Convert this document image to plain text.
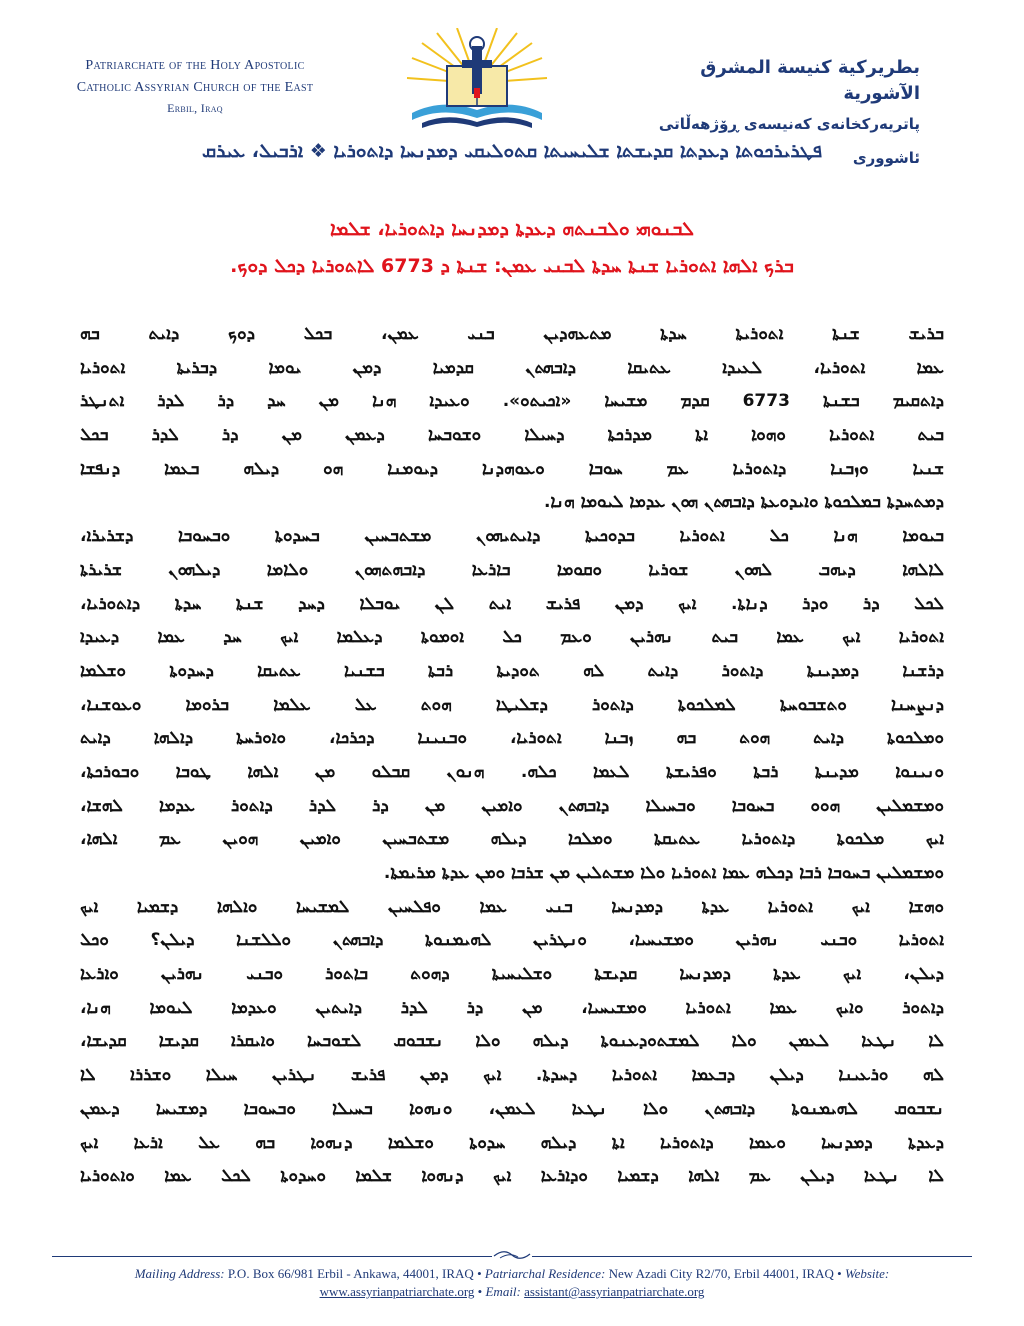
Patriarchate of the Holy Apostolic
Catholic Assyrian Church of the East
Erbil, Iraq
بطريركية كنيسة المشرق الآشورية
پاتريەرکخانەی کەنیسەی ڕۆژهەڵاتی ئاشووری
ܦܛܪܝܪܟܘܬܐ ܕܥܕܬܐ ܩܕܝܫܬܐ ܫܠܝܚܝܬܐ ܩܬܘܠܝܩܝ ܕܡܕܢܚܐ ܕܐܬܘܪܝܐ ❖ ܐܪܒܝܠ، ܥܝܪܩ
ܠܒܢܘܗܝ ܘܠܒܢܬܗ ܕܥܕܬܐ ܕܡܕܢܚܐ ܕܐܬܘܪܝܐ، ܫܠܡܐ
ܒܪܟ ܐܠܗܐ ܐܬܘܪܝܐ ܫܢܬܐ ܚܕܬܐ ܠܒܢܝ ܥܡܢ: ܫܢܬܐ ܕ 6773 ܠܐܬܘܪܝܐ ܕܟܠ ܕܘܟ.
ܒܪܝܫ ܫܢܬܐ ܐܬܘܪܝܬܐ ܚܕܬܐ ܡܬܥܗܕܝܢ ܒܢܝ ܥܡܢ، ܒܟܠ ܕܘܟ ܕܐܝܬ ܒܗ
ܥܡܐ ܐܬܘܪܝܐ، ܠܥܝܕܐ ܥܬܝܩܐ ܕܐܒܗܬܢ ܩܕܡܝܐ ܕܡܢ ܝܘܡܐ ܕܒܪܝܬܐ ܐܬܘܪܝܐ
ܕܐܬܩܝܡ ܒܫܢܬܐ 6773 ܩܕܡ ܡܫܝܚܐ «ܐܟܝܬܘ». ܘܥܝܕܐ ܗܢܐ ܡܢ ܚܕ ܕܪ ܠܕܪ ܐܬܢܛܪ
ܒܝܬ ܐܬܘܪܝܐ ܘܗܘܐ ܐܬܐ ܡܕܪܟܬܐ ܕܚܝܠܐ ܘܫܘܒܚܐ ܕܥܡܢ ܡܢ ܕܪ ܠܕܪ ܒܟܠ
ܫܢܝܐ ܘܙܒܢܐ ܕܐܬܘܪܝܐ ܥܡ ܚܘܒܐ ܘܥܘܗܕܢܐ ܕܝܘܡܢܐ ܗܘ ܕܝܠܗ ܒܥܡܐ ܕܢܦܫܐ
ܕܡܬܚܕܬܐ ܒܡܠܟܘܬܐ ܘܐܝܕܘܥܬܐ ܕܐܒܗܬܢ ܗܘܢ ܥܕܡܐ ܠܝܘܡܐ ܗܢܐ.
ܒܝܘܡܐ ܗܢܐ ܟܠ ܐܬܘܪܝܐ ܒܕܘܟܝܬܐ ܕܐܝܬܝܗܘܢ ܡܫܬܒܚܝܢ ܒܚܕܘܬܐ ܘܒܚܘܒܐ ܕܫܪܝܪܐ،
ܠܐܠܗܐ ܕܝܗܒ ܠܗܘܢ ܫܘܪܝܐ ܘܩܘܡܐ ܒܐܪܥܐ ܕܐܒܗܬܗܘܢ ܘܠܐܡܐ ܕܝܠܗܘܢ ܫܪܝܪܬܐ
ܠܟܠ ܕܪ ܘܕܪ ܕܢܐܬܐ. ܐܝܟ ܕܡܢ ܦܪܝܫ ܐܝܬ ܠܢ ܝܘܒܠܐ ܕܚܕ ܫܢܬܐ ܚܕܬܐ ܕܐܬܘܪܝܐ،
ܐܬܘܪܝܐ ܐܝܟ ܥܡܐ ܒܝܬ ܢܗܪܝܢ ܘܥܡ ܟܠ ܐܘܡܘܬܐ ܕܥܠܡܐ ܐܝܟ ܚܕ ܥܡܐ ܕܥܝܕܐ
ܕܪܫܢܐ ܕܡܕܝܢܬܐ ܕܐܬܘܪ ܕܐܝܬ ܠܗ ܬܘܕܝܬܐ ܪܒܬܐ ܒܫܢܝܐ ܥܬܝܩܐ ܕܚܕܘܬܐ ܘܫܠܡܐ
ܕܢܨܚܢܐ ܘܬܫܒܘܚܬܐ ܠܡܠܟܘܬܐ ܕܐܬܘܪ ܕܫܠܝܛܐ ܗܘܬ ܥܠ ܥܠܡܐ ܒܪܘܡܐ ܘܥܘܫܢܐ،
ܘܡܠܟܘܬܐ ܕܐܝܬ ܗܘܬ ܒܗ ܙܒܢܐ ܐܬܘܪܝܐ، ܘܒܢܝܢܐ ܕܟܪܟܐ، ܘܐܘܪܚܬܐ ܕܐܠܗܐ ܕܐܝܬ
ܘܢܝܢܘܐ ܡܕܝܢܬܐ ܪܒܬܐ ܘܦܪܝܫܬܐ ܠܥܡܐ ܟܠܗ. ܗܢܘܢ ܩܒܠܘ ܡܢ ܐܠܗܐ ܛܘܒܐ ܘܒܘܪܟܬܐ،
ܘܡܫܡܠܝܢ ܗܘܘ ܒܚܘܒܐ ܘܒܚܝܠܐ ܕܐܒܗܬܢ ܘܐܡܝܢ ܡܢ ܕܪ ܠܕܪ ܕܐܬܘܪ ܥܕܡܐ ܠܗܫܐ،
ܐܝܟ ܡܠܟܘܬܐ ܕܐܬܘܪܝܐ ܥܬܝܩܬܐ ܘܡܠܟܐ ܕܝܠܗ ܡܫܬܒܚܝܢ ܘܐܡܝܢ ܗܘܝܢ ܥܡ ܐܠܗܐ،
ܘܡܫܡܠܝܢ ܒܚܘܒܐ ܪܒܐ ܕܟܠܗ ܥܡܐ ܐܬܘܪܝܐ ܘܠܐ ܡܫܬܠܝܢ ܡܢ ܫܪܒܐ ܘܡܢ ܥܕܬܐ ܡܪܝܡܬܐ.
ܘܗܫܐ ܐܝܟ ܐܬܘܪܝܐ ܥܕܬܐ ܕܡܕܢܚܐ ܒܢܝ ܥܡܐ ܘܦܠܚܝܢ ܠܡܫܝܚܐ ܘܐܠܗܐ ܕܫܡܝܐ ܐܝܟ
ܐܬܘܪܝܐ ܘܒܢܝ ܢܗܪܝܢ ܘܡܫܝܚܝܐ، ܘܢܛܪܝܢ ܠܗܝܡܢܘܬܐ ܕܐܒܗܬܢ ܘܠܠܫܢܐ ܕܝܠܢ؟ ܘܟܠ
ܕܝܠܢ، ܐܝܟ ܥܕܬܐ ܕܡܕܢܚܐ ܩܕܝܫܬܐ ܘܫܠܝܚܝܬܐ ܕܗܘܬ ܒܐܬܘܪ ܘܒܢܝ ܢܗܪܝܢ ܘܐܪܥܐ
ܕܐܬܘܪ ܘܐܝܟ ܥܡܐ ܐܬܘܪܝܐ ܘܡܫܝܚܝܐ، ܡܢ ܕܪ ܠܕܪ ܕܐܝܬܝܢ ܘܥܕܡܐ ܠܝܘܡܐ ܗܢܐ،
ܠܐ ܢܛܥܐ ܠܥܡܢ ܘܠܐ ܠܡܫܬܘܕܥܢܘܬܐ ܕܝܠܗ ܘܠܐ ܢܫܒܘܩ ܠܫܘܒܚܐ ܘܐܝܩܪܐ ܩܕܝܫܐ ܩܕܝܫܐ،
ܠܗ ܘܪܥܝܢܐ ܕܝܠܢ ܕܒܥܡܐ ܐܬܘܪܝܐ ܕܚܕܬܐ. ܐܝܟ ܕܡܢ ܦܪܝܫ ܢܛܪܝܢ ܚܝܠܐ ܘܫܪܪܐ ܠܐ
ܢܫܒܘܩ ܠܗܝܡܢܘܬܐ ܕܐܒܗܬܢ ܘܠܐ ܢܛܥܐ ܠܥܡܢ، ܘܢܗܘܐ ܒܚܝܠܐ ܘܒܚܘܒܐ ܕܡܫܝܚܐ ܕܥܡܢ
ܕܥܕܬܐ ܕܡܕܢܚܐ ܘܥܡܐ ܕܐܬܘܪܝܐ ܐܬܐ ܕܝܠܗ ܚܕܘܬܐ ܘܫܠܡܐ ܕܢܗܘܐ ܒܗ ܥܠ ܐܪܥܐ ܐܝܟ
ܠܐ ܢܛܥܐ ܕܝܠܢ ܥܡ ܐܠܗܐ ܕܫܡܝܐ ܘܕܐܪܥܐ ܐܝܟ ܕܢܗܘܐ ܫܠܡܐ ܘܚܕܘܬܐ ܠܟܠ ܥܡܐ ܘܐܬܘܪܝܐ
Mailing Address: P.O. Box 66/981 Erbil - Ankawa, 44001, IRAQ • Patriarchal Residence: New Azadi City R2/70, Erbil 44001, IRAQ • Website:
www.assyrianpatriarchate.org • Email: assistant@assyrianpatriarchate.org
